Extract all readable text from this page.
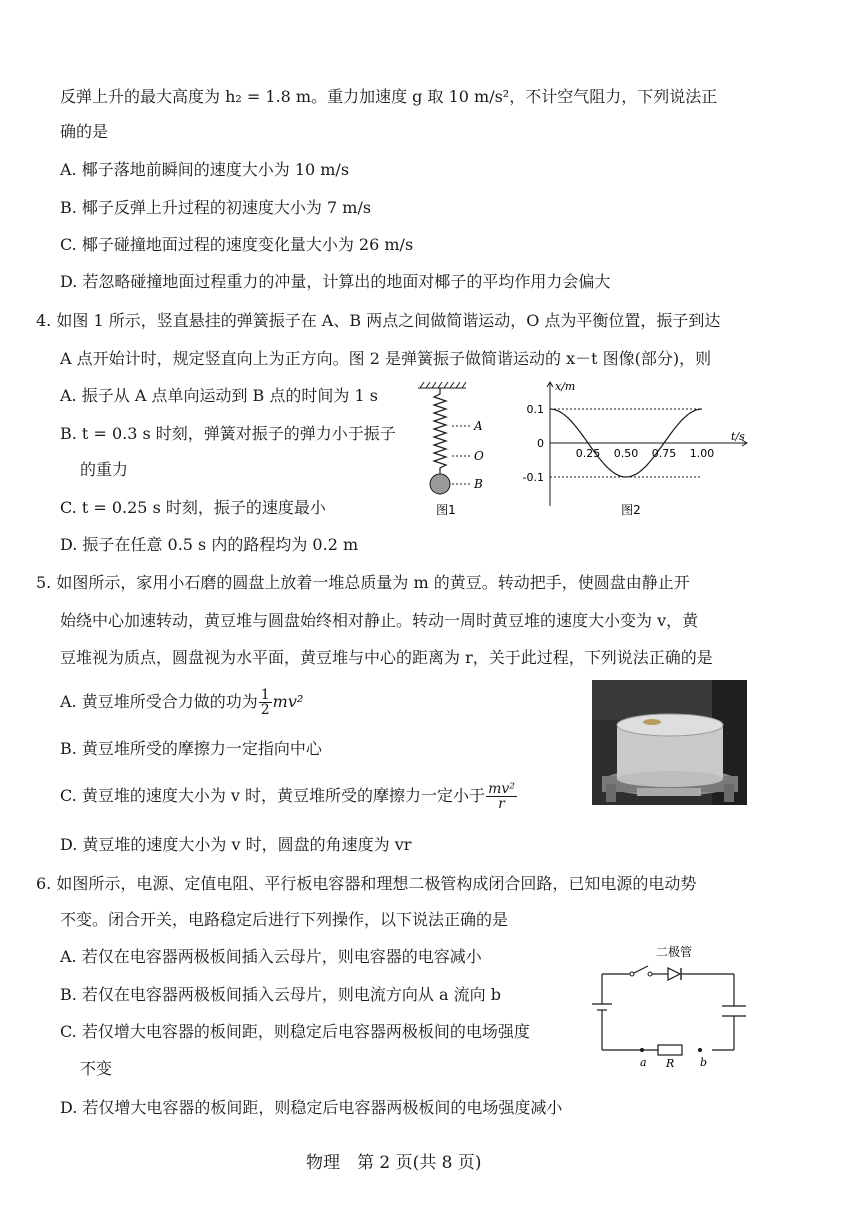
反弹上升的最大高度为 h₂ = 1.8 m。重力加速度 g 取 10 m/s²，不计空气阻力，下列说法正
确的是
A. 椰子落地前瞬间的速度大小为 10 m/s
B. 椰子反弹上升过程的初速度大小为 7 m/s
C. 椰子碰撞地面过程的速度变化量大小为 26 m/s
D. 若忽略碰撞地面过程重力的冲量，计算出的地面对椰子的平均作用力会偏大
4. 如图 1 所示，竖直悬挂的弹簧振子在 A、B 两点之间做简谐运动，O 点为平衡位置，振子到达
A 点开始计时，规定竖直向上为正方向。图 2 是弹簧振子做简谐运动的 x－t 图像(部分)，则
A. 振子从 A 点单向运动到 B 点的时间为 1 s
B. t = 0.3 s 时刻，弹簧对振子的弹力小于振子
的重力
C. t = 0.25 s 时刻，振子的速度最小
D. 振子在任意 0.5 s 内的路程均为 0.2 m
A
O
B
图1
0.25 0.50 0.75 1.00
0.1
0
-0.1
x/m
t/s
图2
5. 如图所示，家用小石磨的圆盘上放着一堆总质量为 m 的黄豆。转动把手，使圆盘由静止开
始绕中心加速转动，黄豆堆与圆盘始终相对静止。转动一周时黄豆堆的速度大小变为 v，黄
豆堆视为质点，圆盘视为水平面，黄豆堆与中心的距离为 r，关于此过程，下列说法正确的是
A. 黄豆堆所受合力做的功为 $\frac{1}{2} mv^2$
B. 黄豆堆所受的摩擦力一定指向中心
C. 黄豆堆的速度大小为 v 时，黄豆堆所受的摩擦力一定小于 $\frac{\text{mv²}}{r}$
D. 黄豆堆的速度大小为 v 时，圆盘的角速度为 vr
6. 如图所示，电源、定值电阻、平行板电容器和理想二极管构成闭合回路，已知电源的电动势
不变。闭合开关，电路稳定后进行下列操作，以下说法正确的是
A. 若仅在电容器两极板间插入云母片，则电容器的电容减小
B. 若仅在电容器两极板间插入云母片，则电流方向从 a 流向 b
C. 若仅增大电容器的板间距，则稳定后电容器两极板间的电场强度
不变
D. 若仅增大电容器的板间距，则稳定后电容器两极板间的电场强度减小
二极管
a R b
物理　第 2 页(共 8 页)
